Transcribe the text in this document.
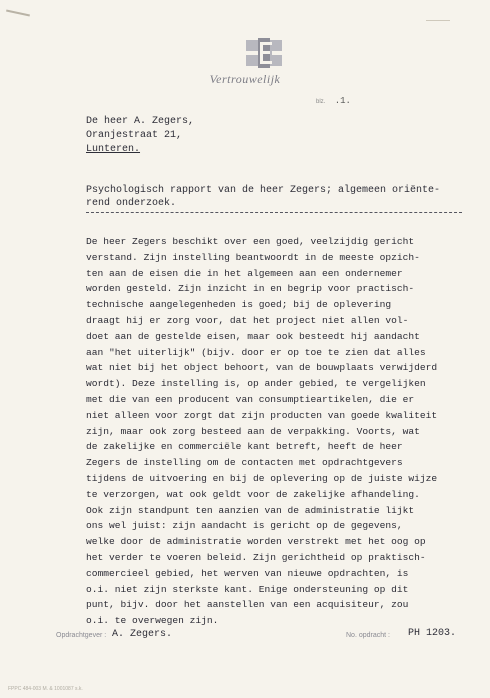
Vertrouwelijk
blz. .1.
De heer A. Zegers,
Oranjestraat 21,
Lunteren.
Psychologisch rapport van de heer Zegers; algemeen oriënte-
rend onderzoek.
De heer Zegers beschikt over een goed, veelzijdig gericht
verstand. Zijn instelling beantwoordt in de meeste opzich-
ten aan de eisen die in het algemeen aan een ondernemer
worden gesteld. Zijn inzicht in en begrip voor practisch-
technische aangelegenheden is goed; bij de oplevering
draagt hij er zorg voor, dat het project niet allen vol-
doet aan de gestelde eisen, maar ook besteedt hij aandacht
aan "het uiterlijk" (bijv. door er op toe te zien dat alles
wat niet bij het object behoort, van de bouwplaats verwijderd
wordt). Deze instelling is, op ander gebied, te vergelijken
met die van een producent van consumptieartikelen, die er
niet alleen voor zorgt dat zijn producten van goede kwaliteit
zijn, maar ook zorg besteed aan de verpakking. Voorts, wat
de zakelijke en commerciële kant betreft, heeft de heer
Zegers de instelling om de contacten met opdrachtgevers
tijdens de uitvoering en bij de oplevering op de juiste wijze
te verzorgen, wat ook geldt voor de zakelijke afhandeling.
Ook zijn standpunt ten aanzien van de administratie lijkt
ons wel juist: zijn aandacht is gericht op de gegevens,
welke door de administratie worden verstrekt met het oog op
het verder te voeren beleid. Zijn gerichtheid op praktisch-
commercieel gebied, het werven van nieuwe opdrachten, is
o.i. niet zijn sterkste kant. Enige ondersteuning op dit
punt, bijv. door het aanstellen van een acquisiteur, zou
o.i. te overwegen zijn.
Opdrachtgever : A. Zegers.	No. opdracht : PH 1203.
FPPC 484-003 M. & 1001087 s.k.
